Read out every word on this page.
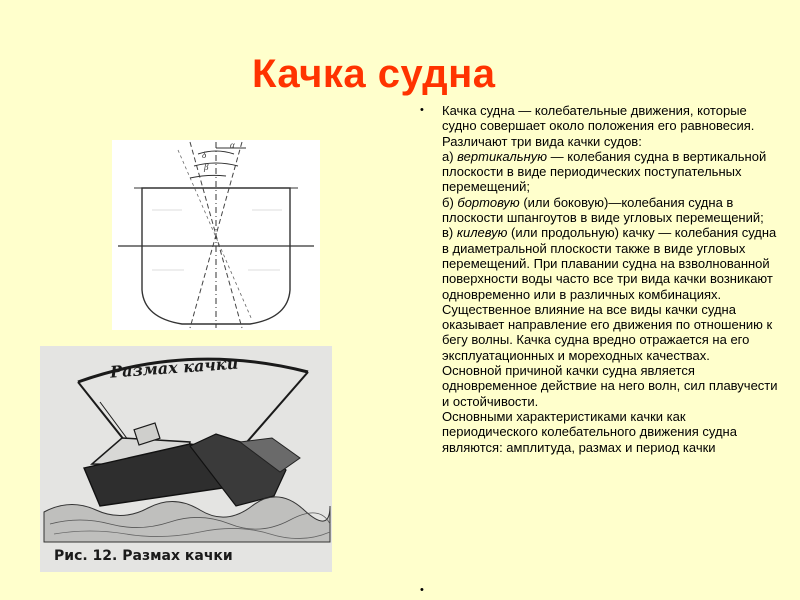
Качка судна
α
δ
β
Размах качки
Рис. 12. Размах качки
•
•

Качка судна — колебательные движения, которые судно совершает около положения его равновесия. Различают три вида качки судов:
а) вертикальную — колебания судна в вертикальной плоскости в виде периодических поступательных перемещений;
б) бортовую (или боковую)—колебания судна в плоскости шпангоутов в виде угловых перемещений;
в) килевую (или продольную) качку — колебания судна в диаметральной плоскости также в виде угловых перемещений. При плавании судна на взволнованной поверхности воды часто все три вида качки возникают одновременно или в различных комбинациях. Существенное влияние на все виды качки судна оказывает направление его движения по отношению к бегу волны. Качка судна вредно отражается на его эксплуатационных и мореходных качествах.

Основной причиной качки судна является одновременное действие на него волн, сил плавучести и остойчивости.

Основными характеристиками качки как периодического колебательного движения судна являются: амплитуда, размах и период качки
